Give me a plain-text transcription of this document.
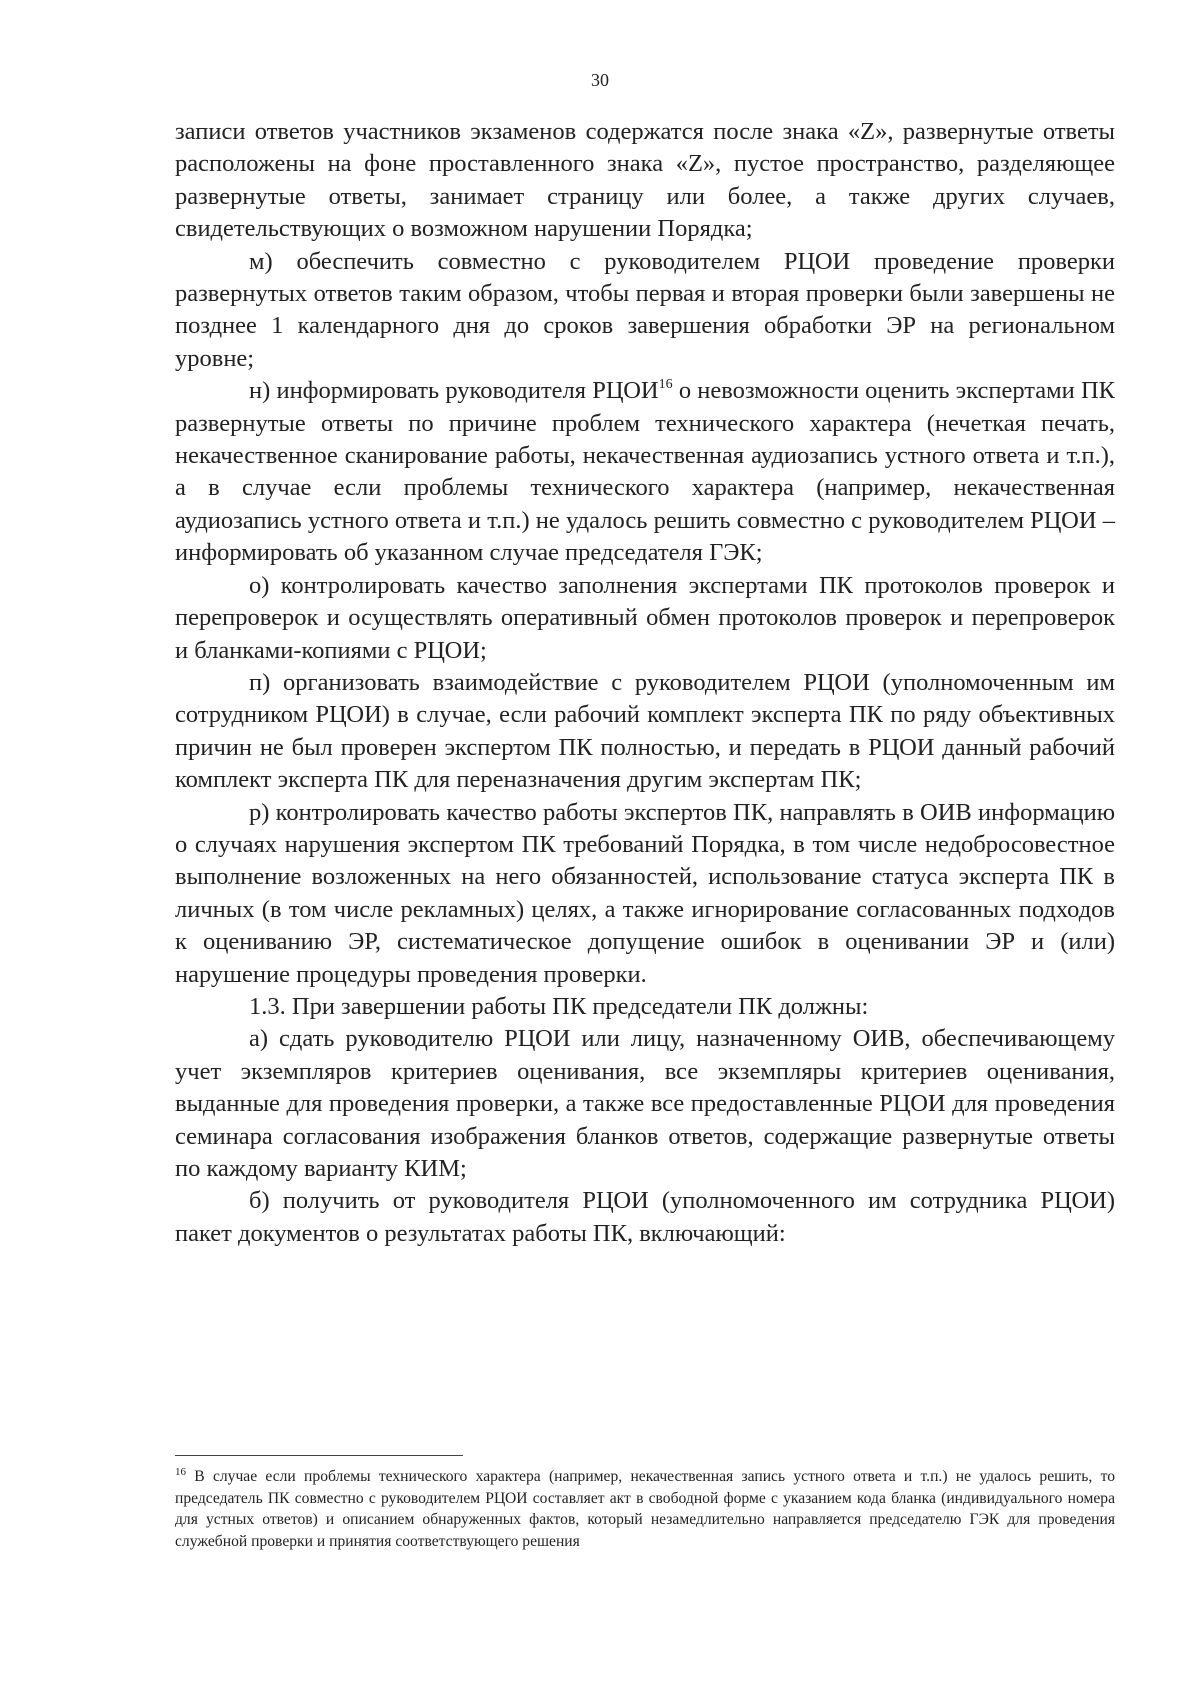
30

записи ответов участников экзаменов содержатся после знака «Z», развернутые ответы расположены на фоне проставленного знака «Z», пустое пространство, разделяющее развернутые ответы, занимает страницу или более, а также других случаев, свидетельствующих о возможном нарушении Порядка;

м) обеспечить совместно с руководителем РЦОИ проведение проверки развернутых ответов таким образом, чтобы первая и вторая проверки были завершены не позднее 1 календарного дня до сроков завершения обработки ЭР на региональном уровне;

н) информировать руководителя РЦОИ$^{16}$ о невозможности оценить экспертами ПК развернутые ответы по причине проблем технического характера (нечеткая печать, некачественное сканирование работы, некачественная аудиозапись устного ответа и т.п.), а в случае если проблемы технического характера (например, некачественная аудиозапись устного ответа и т.п.) не удалось решить совместно с руководителем РЦОИ – информировать об указанном случае председателя ГЭК;

о) контролировать качество заполнения экспертами ПК протоколов проверок и перепроверок и осуществлять оперативный обмен протоколов проверок и перепроверок и бланками-копиями с РЦОИ;

п) организовать взаимодействие с руководителем РЦОИ (уполномоченным им сотрудником РЦОИ) в случае, если рабочий комплект эксперта ПК по ряду объективных причин не был проверен экспертом ПК полностью, и передать в РЦОИ данный рабочий комплект эксперта ПК для переназначения другим экспертам ПК;

р) контролировать качество работы экспертов ПК, направлять в ОИВ информацию о случаях нарушения экспертом ПК требований Порядка, в том числе недобросовестное выполнение возложенных на него обязанностей, использование статуса эксперта ПК в личных (в том числе рекламных) целях, а также игнорирование согласованных подходов к оцениванию ЭР, систематическое допущение ошибок в оценивании ЭР и (или) нарушение процедуры проведения проверки.

1.3. При завершении работы ПК председатели ПК должны:

а) сдать руководителю РЦОИ или лицу, назначенному ОИВ, обеспечивающему учет экземпляров критериев оценивания, все экземпляры критериев оценивания, выданные для проведения проверки, а также все предоставленные РЦОИ для проведения семинара согласования изображения бланков ответов, содержащие развернутые ответы по каждому варианту КИМ;

б) получить от руководителя РЦОИ (уполномоченного им сотрудника РЦОИ) пакет документов о результатах работы ПК, включающий:

$^{16}$ В случае если проблемы технического характера (например, некачественная запись устного ответа и т.п.) не удалось решить, то председатель ПК совместно с руководителем РЦОИ составляет акт в свободной форме с указанием кода бланка (индивидуального номера для устных ответов) и описанием обнаруженных фактов, который незамедлительно направляется председателю ГЭК для проведения служебной проверки и принятия соответствующего решения
